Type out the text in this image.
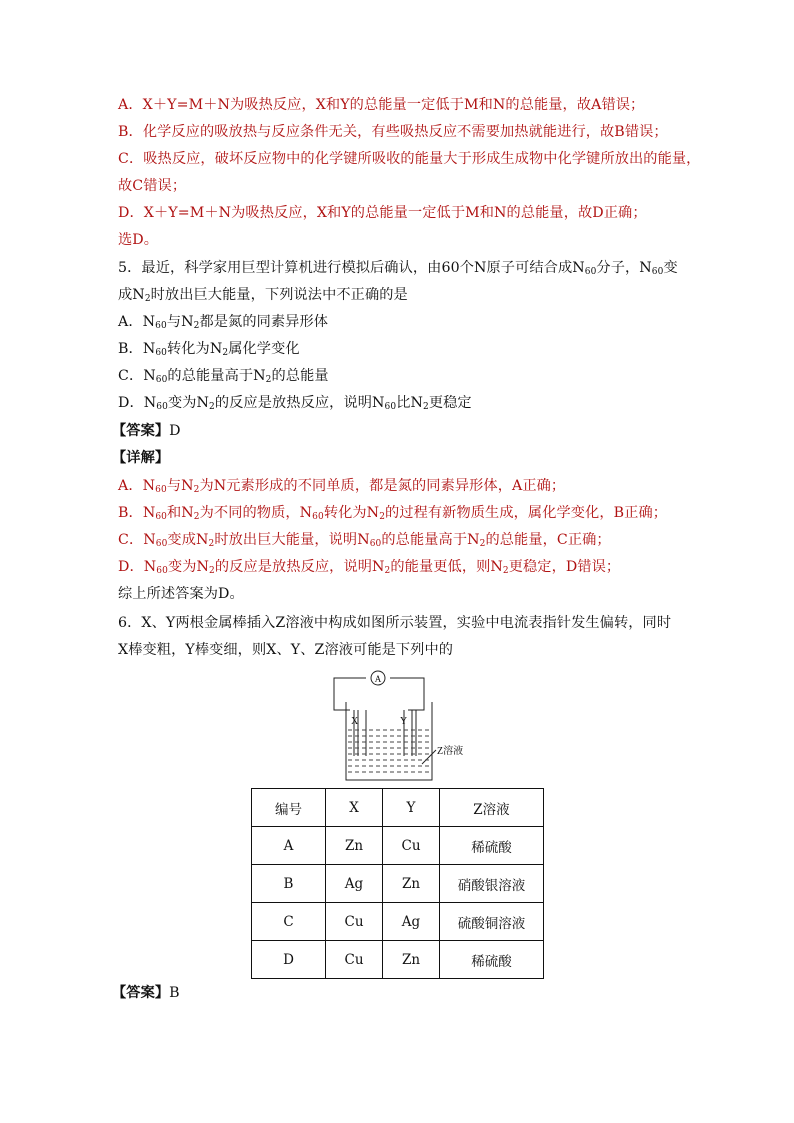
A．X＋Y=M＋N为吸热反应，X和Y的总能量一定低于M和N的总能量，故A错误；
B．化学反应的吸放热与反应条件无关，有些吸热反应不需要加热就能进行，故B错误；
C．吸热反应，破坏反应物中的化学键所吸收的能量大于形成生成物中化学键所放出的能量，
故C错误；
D．X＋Y=M＋N为吸热反应，X和Y的总能量一定低于M和N的总能量，故D正确；
选D。
5．最近，科学家用巨型计算机进行模拟后确认，由60个N原子可结合成$N_{60}$分子，$N_{60}$变
成$N_2$时放出巨大能量，下列说法中不正确的是
A．$N_{60}$与$N_2$都是氮的同素异形体
B．$N_{60}$转化为$N_2$属化学变化
C．$N_{60}$的总能量高于$N_2$的总能量
D．$N_{60}$变为$N_2$的反应是放热反应，说明$N_{60}$比$N_2$更稳定
【答案】D
【详解】
A．$N_{60}$与$N_2$为N元素形成的不同单质，都是氮的同素异形体，A正确；
B．$N_{60}$和$N_2$为不同的物质，$N_{60}$转化为$N_2$的过程有新物质生成，属化学变化，B正确；
C．$N_{60}$变成$N_2$时放出巨大能量，说明$N_{60}$的总能量高于$N_2$的总能量，C正确；
D．$N_{60}$变为$N_2$的反应是放热反应，说明$N_2$的能量更低，则$N_2$更稳定，D错误；
综上所述答案为D。
6．X、Y两根金属棒插入Z溶液中构成如图所示装置，实验中电流表指针发生偏转，同时
X棒变粗，Y棒变细，则X、Y、Z溶液可能是下列中的
A
X	Y
Z溶液
编号	X	Y	Z溶液
A	Zn	Cu	稀硫酸
B	Ag	Zn	硝酸银溶液
C	Cu	Ag	硫酸铜溶液
D	Cu	Zn	稀硫酸
【答案】B
